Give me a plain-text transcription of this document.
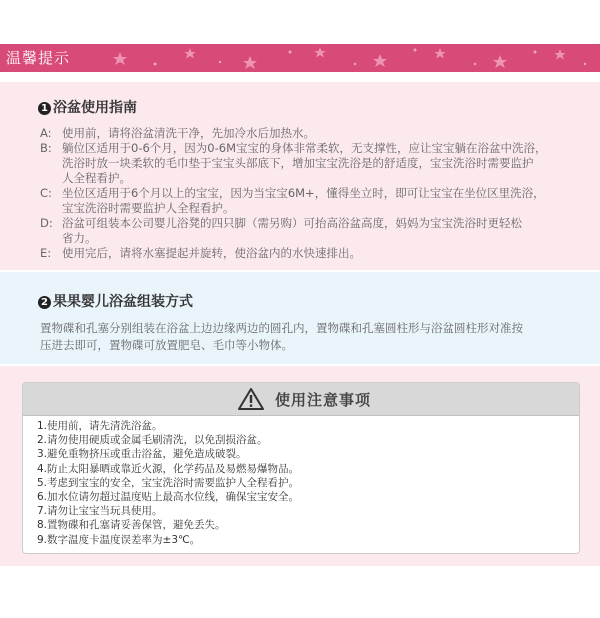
温馨提示
1 浴盆使用指南
A: 使用前，请将浴盆清洗干净，先加冷水后加热水。
B: 躺位区适用于0-6个月，因为0-6M宝宝的身体非常柔软，无支撑性，应让宝宝躺在浴盆中洗浴，
洗浴时放一块柔软的毛巾垫于宝宝头部底下，增加宝宝洗浴是的舒适度，宝宝洗浴时需要监护
人全程看护。
C: 坐位区适用于6个月以上的宝宝，因为当宝宝6M+，懂得坐立时，即可让宝宝在坐位区里洗浴，
宝宝洗浴时需要监护人全程看护。
D: 浴盆可组装本公司婴儿浴凳的四只脚（需另购）可抬高浴盆高度，妈妈为宝宝洗浴时更轻松
省力。
E: 使用完后，请将水塞提起并旋转，使浴盆内的水快速排出。
2 果果婴儿浴盆组装方式
置物碟和孔塞分别组装在浴盆上边边缘两边的圆孔内，置物碟和孔塞圆柱形与浴盆圆柱形对准按
压进去即可，置物碟可放置肥皂、毛巾等小物体。
使用注意事项
1.使用前，请先清洗浴盆。
2.请勿使用硬质或金属毛刷清洗，以免刮损浴盆。
3.避免重物挤压或重击浴盆，避免造成破裂。
4.防止太阳暴晒或靠近火源，化学药品及易燃易爆物品。
5.考虑到宝宝的安全，宝宝洗浴时需要监护人全程看护。
6.加水位请勿超过温度贴上最高水位线，确保宝宝安全。
7.请勿让宝宝当玩具使用。
8.置物碟和孔塞请妥善保管，避免丢失。
9.数字温度卡温度误差率为±3℃。
